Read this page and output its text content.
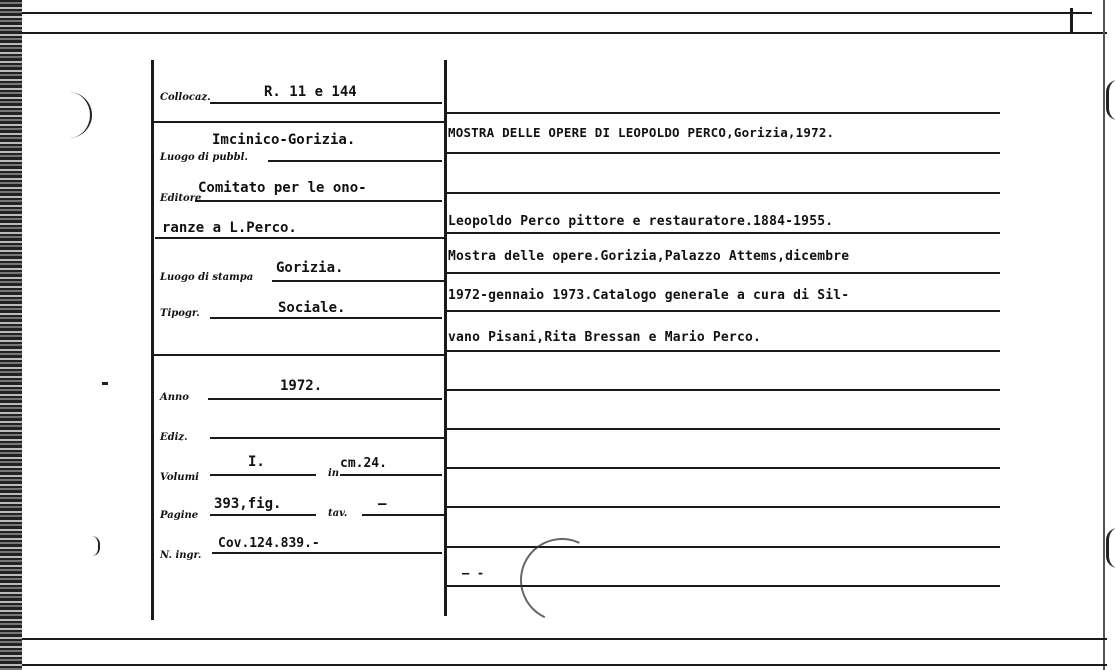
Collocaz.	R. 11 e 144
Imcinico-Gorizia.
Luogo di pubbl.
Editore
Comitato per le ono-
ranze a L.Perco.
Luogo di stampa
Gorizia.
Tipogr.	Sociale.
Anno
1972.
Ediz.
Volumi
I.
in
cm.24.
Pagine
393,fig.
tav.
—
N. ingr.
Cov.124.839.-
MOSTRA DELLE OPERE DI LEOPOLDO PERCO,Gorizia,1972.
Leopoldo Perco pittore e restauratore.1884-1955.
Mostra delle opere.Gorizia,Palazzo Attems,dicembre
1972-gennaio 1973.Catalogo generale a cura di Sil-
vano Pisani,Rita Bressan e Mario Perco.
— -
